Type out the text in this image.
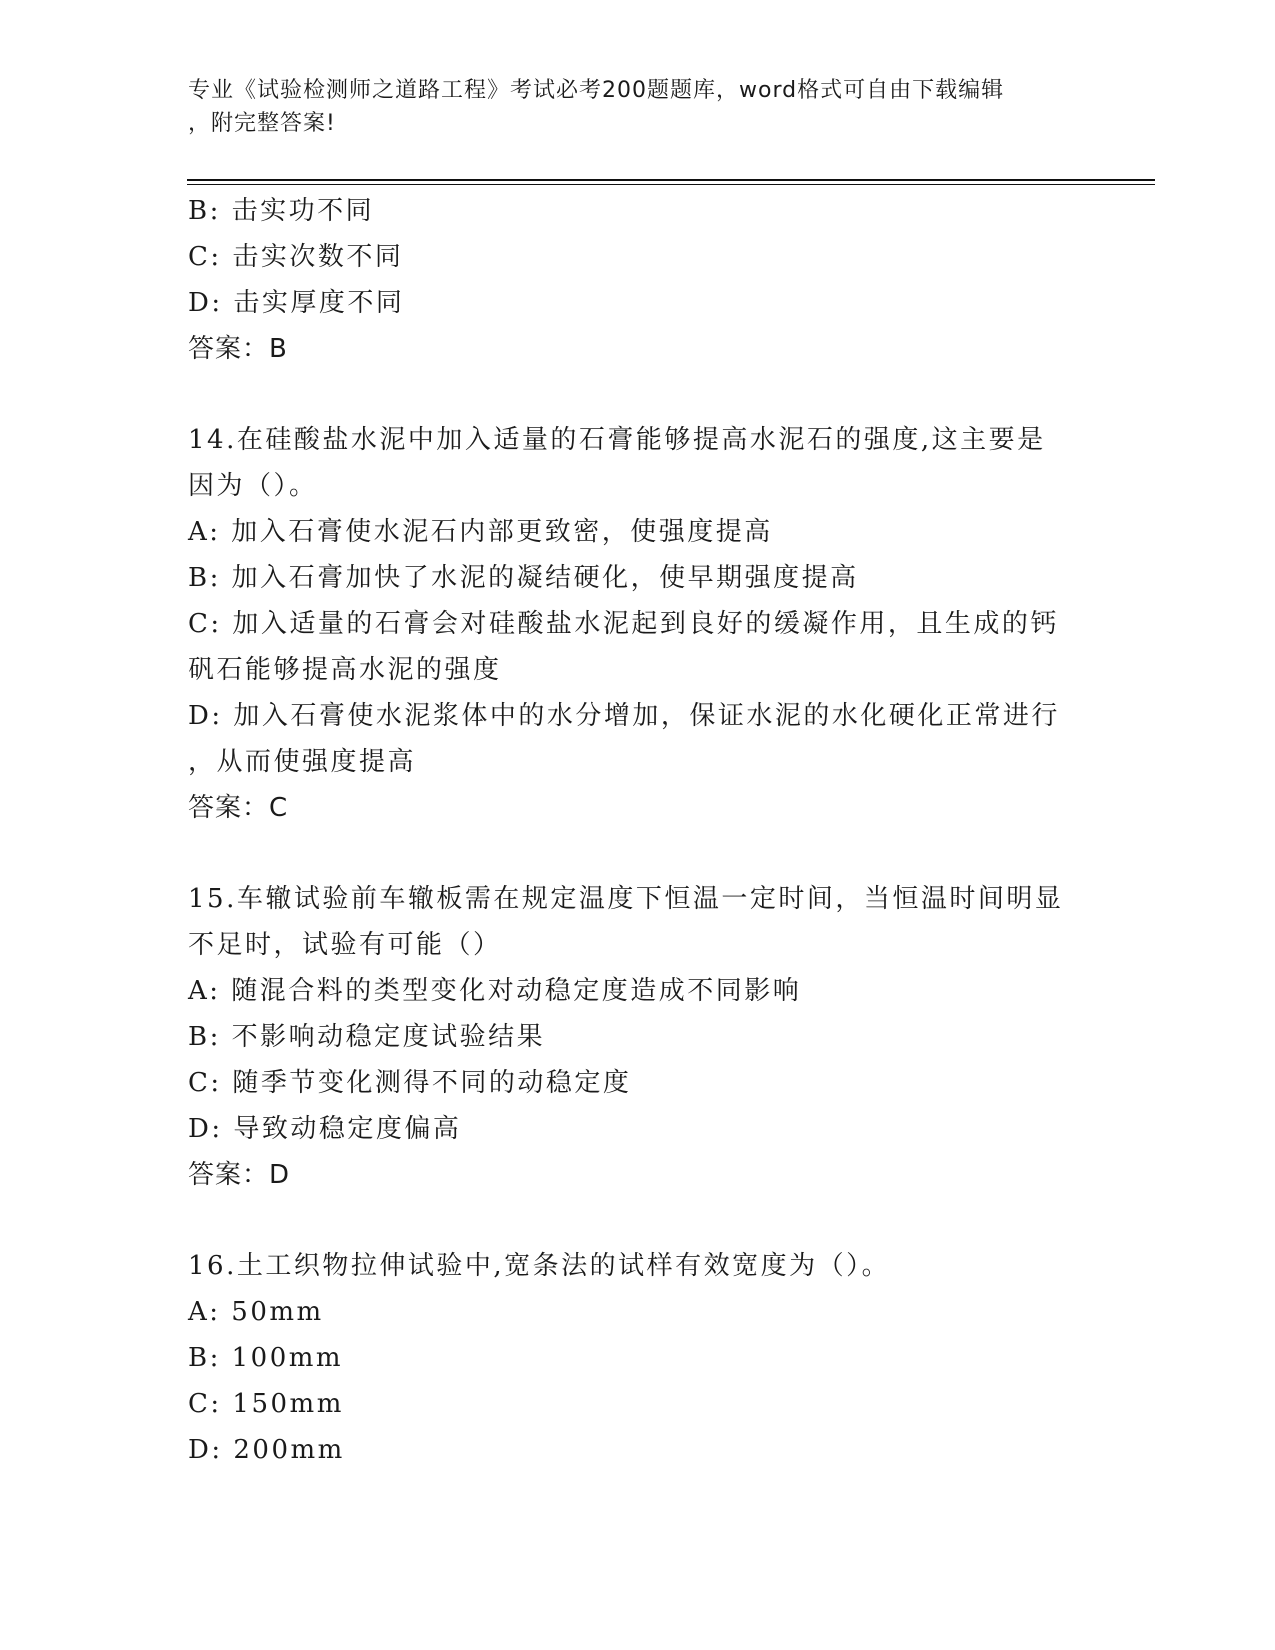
专业《试验检测师之道路工程》考试必考200题题库，word格式可自由下载编辑
，附完整答案!
B: 击实功不同
C: 击实次数不同
D: 击实厚度不同
答案：B
14.在硅酸盐水泥中加入适量的石膏能够提高水泥石的强度,这主要是
因为（）。
A: 加入石膏使水泥石内部更致密，使强度提高
B: 加入石膏加快了水泥的凝结硬化，使早期强度提高
C: 加入适量的石膏会对硅酸盐水泥起到良好的缓凝作用，且生成的钙
矾石能够提高水泥的强度
D: 加入石膏使水泥浆体中的水分增加，保证水泥的水化硬化正常进行
，从而使强度提高
答案：C
15.车辙试验前车辙板需在规定温度下恒温一定时间，当恒温时间明显
不足时，试验有可能（）
A: 随混合料的类型变化对动稳定度造成不同影响
B: 不影响动稳定度试验结果
C: 随季节变化测得不同的动稳定度
D: 导致动稳定度偏高
答案：D
16.土工织物拉伸试验中,宽条法的试样有效宽度为（）。
A: 50mm
B: 100mm
C: 150mm
D: 200mm
